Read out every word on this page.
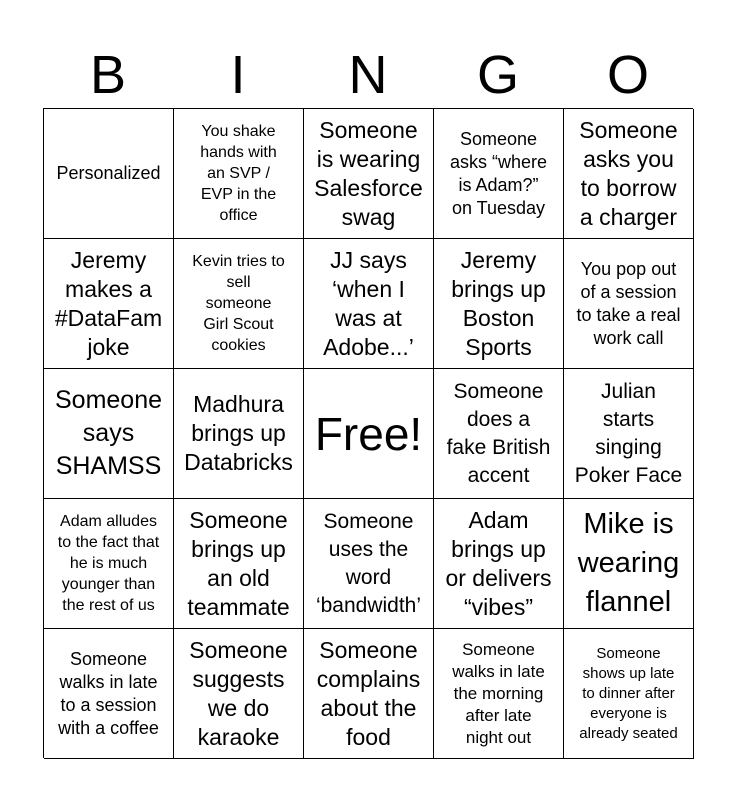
B	I	N	G	O
Personalized
You shake
hands with
an SVP /
EVP in the
office
Someone
is wearing
Salesforce
swag
Someone
asks “where
is Adam?”
on Tuesday
Someone
asks you
to borrow
a charger
Jeremy
makes a
#DataFam
joke
Kevin tries to
sell
someone
Girl Scout
cookies
JJ says
‘when I
was at
Adobe...’
Jeremy
brings up
Boston
Sports
You pop out
of a session
to take a real
work call
Someone
says
SHAMSS
Madhura
brings up
Databricks
Free!
Someone
does a
fake British
accent
Julian
starts
singing
Poker Face
Adam alludes
to the fact that
he is much
younger than
the rest of us
Someone
brings up
an old
teammate
Someone
uses the
word
‘bandwidth’
Adam
brings up
or delivers
“vibes”
Mike is
wearing
flannel
Someone
walks in late
to a session
with a coffee
Someone
suggests
we do
karaoke
Someone
complains
about the
food
Someone
walks in late
the morning
after late
night out
Someone
shows up late
to dinner after
everyone is
already seated
